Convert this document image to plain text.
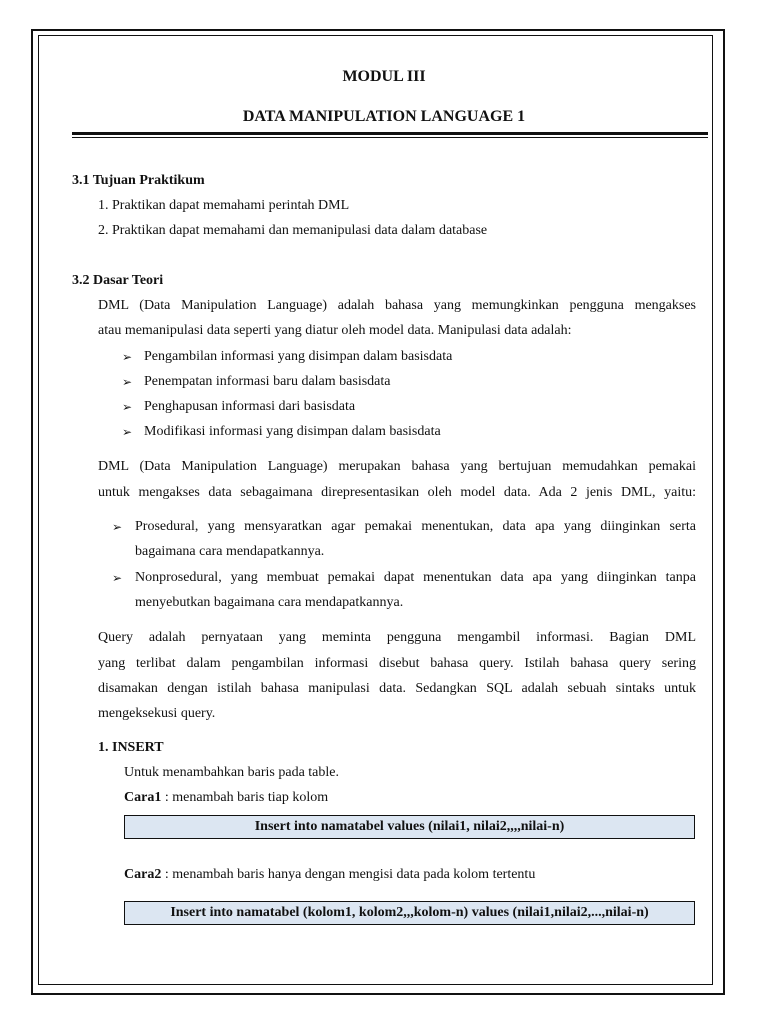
MODUL III
DATA MANIPULATION LANGUAGE 1
3.1 Tujuan Praktikum
1. Praktikan dapat memahami perintah DML
2. Praktikan dapat memahami dan memanipulasi data dalam database
3.2 Dasar Teori
DML (Data Manipulation Language) adalah bahasa yang memungkinkan pengguna mengakses
atau memanipulasi data seperti yang diatur oleh model data. Manipulasi data adalah:
➢ Pengambilan informasi yang disimpan dalam basisdata
➢ Penempatan informasi baru dalam basisdata
➢ Penghapusan informasi dari basisdata
➢ Modifikasi informasi yang disimpan dalam basisdata
DML (Data Manipulation Language) merupakan bahasa yang bertujuan memudahkan pemakai
untuk mengakses data sebagaimana direpresentasikan oleh model data. Ada 2 jenis DML, yaitu:
➢ Prosedural, yang mensyaratkan agar pemakai menentukan, data apa yang diinginkan serta
bagaimana cara mendapatkannya.
➢ Nonprosedural, yang membuat pemakai dapat menentukan data apa yang diinginkan tanpa
menyebutkan bagaimana cara mendapatkannya.
Query adalah pernyataan yang meminta pengguna mengambil informasi. Bagian DML
yang terlibat dalam pengambilan informasi disebut bahasa query. Istilah bahasa query sering
disamakan dengan istilah bahasa manipulasi data. Sedangkan SQL adalah sebuah sintaks untuk
mengeksekusi query.
1. INSERT
Untuk menambahkan baris pada table.
Cara1 : menambah baris tiap kolom
Insert into namatabel values (nilai1, nilai2,,,,nilai-n)
Cara2 : menambah baris hanya dengan mengisi data pada kolom tertentu
Insert into namatabel (kolom1, kolom2,,,kolom-n) values (nilai1,nilai2,...,nilai-n)
